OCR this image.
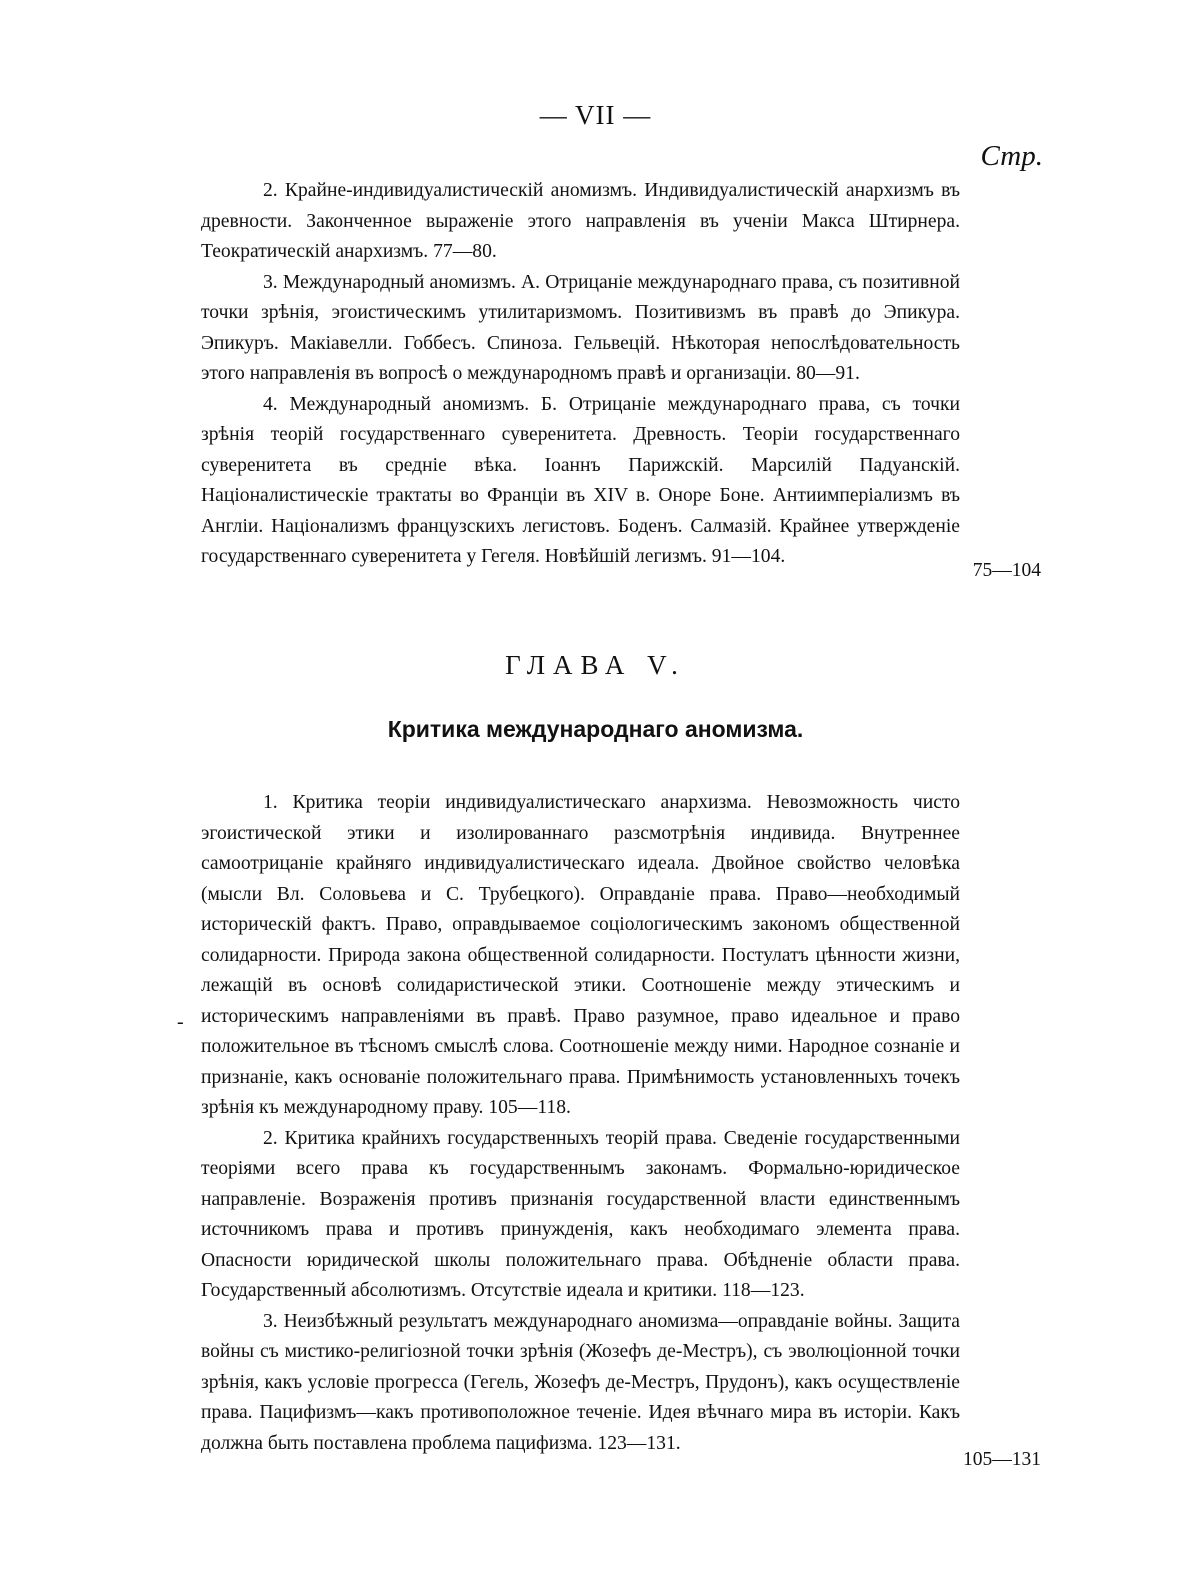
— VII —
Стр.

2. Крайне-индивидуалистическій аномизмъ. Индивидуалистическій анархизмъ въ древности. Законченное выраженіе этого направленія въ ученіи Макса Штирнера. Теократическій анархизмъ. 77—80.

3. Международный аномизмъ. А. Отрицаніе международнаго права, съ позитивной точки зрѣнія, эгоистическимъ утилитаризмомъ. Позитивизмъ въ правѣ до Эпикура. Эпикуръ. Макіавелли. Гоббесъ. Спиноза. Гельвецій. Нѣкоторая непослѣдовательность этого направленія въ вопросѣ о международномъ правѣ и организаціи. 80—91.

4. Международный аномизмъ. Б. Отрицаніе международнаго права, съ точки зрѣнія теорій государственнаго суверенитета. Древность. Теоріи государственнаго суверенитета въ средніе вѣка. Іоаннъ Парижскій. Марсилій Падуанскій. Націоналистическіе трактаты во Франціи въ XIV в. Оноре Боне. Антиимперіализмъ въ Англіи. Націонализмъ французскихъ легистовъ. Боденъ. Салмазій. Крайнее утвержденіе государственнаго суверенитета у Гегеля. Новѣйшій легизмъ. 91—104.

75—104
ГЛАВА V.
Критика международнаго аномизма.

1. Критика теоріи индивидуалистическаго анархизма. Невозможность чисто эгоистической этики и изолированнаго разсмотрѣнія индивида. Внутреннее самоотрицаніе крайняго индивидуалистическаго идеала. Двойное свойство человѣка (мысли Вл. Соловьева и С. Трубецкого). Оправданіе права. Право—необходимый историческій фактъ. Право, оправдываемое соціологическимъ закономъ общественной солидарности. Природа закона общественной солидарности. Постулатъ цѣнности жизни, лежащій въ основѣ солидаристической этики. Соотношеніе между этическимъ и историческимъ направленіями въ правѣ. Право разумное, право идеальное и право положительное въ тѣсномъ смыслѣ слова. Соотношеніе между ними. Народное сознаніе и признаніе, какъ основаніе положительнаго права. Примѣнимость установленныхъ точекъ зрѣнія къ международному праву. 105—118.

2. Критика крайнихъ государственныхъ теорій права. Сведеніе государственными теоріями всего права къ государственнымъ законамъ. Формально-юридическое направленіе. Возраженія противъ признанія государственной власти единственнымъ источникомъ права и противъ принужденія, какъ необходимаго элемента права. Опасности юридической школы положительнаго права. Обѣдненіе области права. Государственный абсолютизмъ. Отсутствіе идеала и критики. 118—123.

3. Неизбѣжный результатъ международнаго аномизма—оправданіе войны. Защита войны съ мистико-религіозной точки зрѣнія (Жозефъ де-Местръ), съ эволюціонной точки зрѣнія, какъ условіе прогресса (Гегель, Жозефъ де-Местръ, Прудонъ), какъ осуществленіе права. Пацифизмъ—какъ противоположное теченіе. Идея вѣчнаго мира въ исторіи. Какъ должна быть поставлена проблема пацифизма. 123—131.

-
105—131
